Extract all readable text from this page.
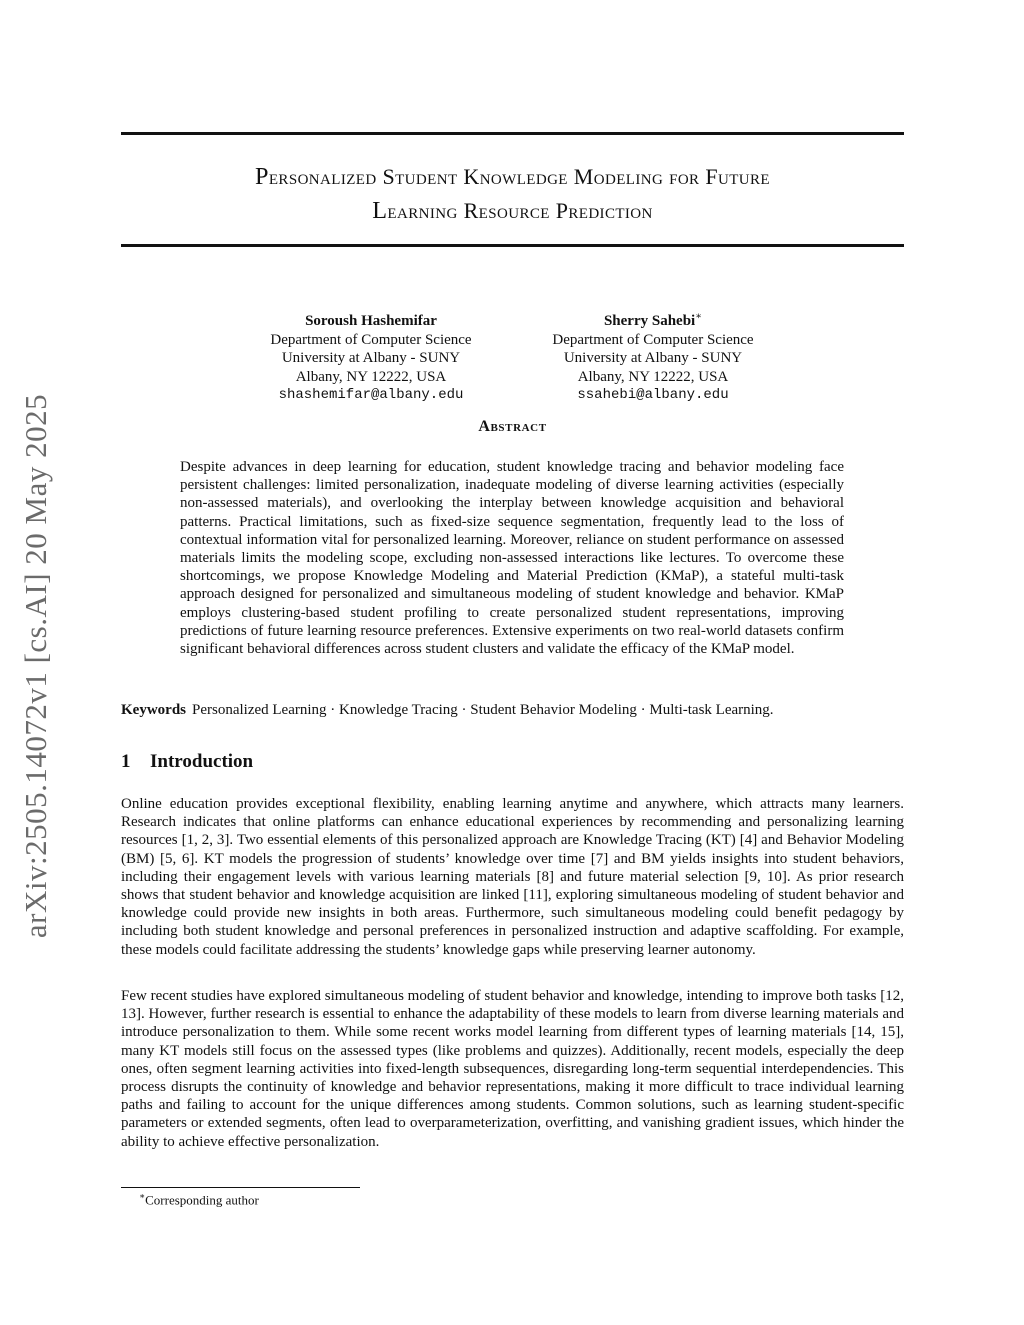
arXiv:2505.14072v1 [cs.AI] 20 May 2025
Personalized Student Knowledge Modeling for Future
Learning Resource Prediction
Soroush Hashemifar
Department of Computer Science
University at Albany - SUNY
Albany, NY 12222, USA
shashemifar@albany.edu
Sherry Sahebi∗
Department of Computer Science
University at Albany - SUNY
Albany, NY 12222, USA
ssahebi@albany.edu
Abstract
Despite advances in deep learning for education, student knowledge tracing and behavior modeling face persistent challenges: limited personalization, inadequate modeling of diverse learning activities (especially non-assessed materials), and overlooking the interplay between knowledge acquisition and behavioral patterns. Practical limitations, such as fixed-size sequence segmentation, frequently lead to the loss of contextual information vital for personalized learning. Moreover, reliance on student performance on assessed materials limits the modeling scope, excluding non-assessed interactions like lectures. To overcome these shortcomings, we propose Knowledge Modeling and Material Prediction (KMaP), a stateful multi-task approach designed for personalized and simultaneous modeling of student knowledge and behavior. KMaP employs clustering-based student profiling to create personalized student representations, improving predictions of future learning resource preferences. Extensive experiments on two real-world datasets confirm significant behavioral differences across student clusters and validate the efficacy of the KMaP model.
Keywords Personalized Learning · Knowledge Tracing · Student Behavior Modeling · Multi-task Learning.
1 Introduction
Online education provides exceptional flexibility, enabling learning anytime and anywhere, which attracts many learners. Research indicates that online platforms can enhance educational experiences by recommending and personalizing learning resources [1, 2, 3]. Two essential elements of this personalized approach are Knowledge Tracing (KT) [4] and Behavior Modeling (BM) [5, 6]. KT models the progression of students’ knowledge over time [7] and BM yields insights into student behaviors, including their engagement levels with various learning materials [8] and future material selection [9, 10]. As prior research shows that student behavior and knowledge acquisition are linked [11], exploring simultaneous modeling of student behavior and knowledge could provide new insights in both areas. Furthermore, such simultaneous modeling could benefit pedagogy by including both student knowledge and personal preferences in personalized instruction and adaptive scaffolding. For example, these models could facilitate addressing the students’ knowledge gaps while preserving learner autonomy.
Few recent studies have explored simultaneous modeling of student behavior and knowledge, intending to improve both tasks [12, 13]. However, further research is essential to enhance the adaptability of these models to learn from diverse learning materials and introduce personalization to them. While some recent works model learning from different types of learning materials [14, 15], many KT models still focus on the assessed types (like problems and quizzes). Additionally, recent models, especially the deep ones, often segment learning activities into fixed-length subsequences, disregarding long-term sequential interdependencies. This process disrupts the continuity of knowledge and behavior representations, making it more difficult to trace individual learning paths and failing to account for the unique differences among students. Common solutions, such as learning student-specific parameters or extended segments, often lead to overparameterization, overfitting, and vanishing gradient issues, which hinder the ability to achieve effective personalization.
∗Corresponding author
